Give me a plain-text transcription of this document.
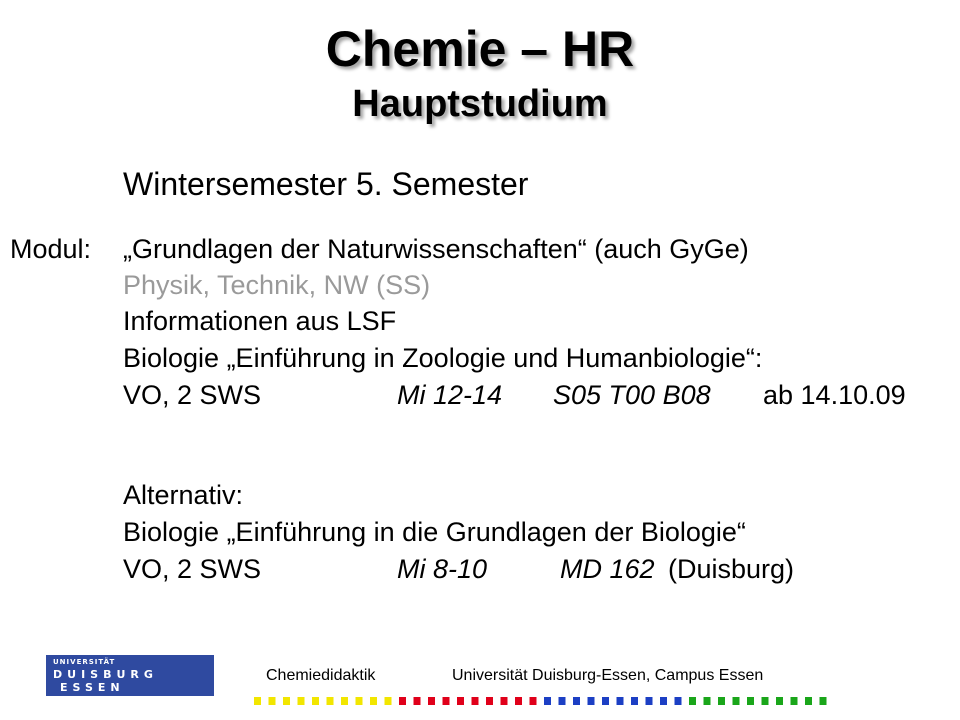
Chemie – HR
Hauptstudium
Wintersemester 5. Semester
Modul: „Grundlagen der Naturwissenschaften“ (auch GyGe)
Physik, Technik, NW (SS)
Informationen aus LSF
Biologie „Einführung in Zoologie und Humanbiologie“:
VO, 2 SWS	Mi 12-14 S05 T00 B08 ab 14.10.09
Alternativ:
Biologie „Einführung in die Grundlagen der Biologie“
VO, 2 SWS	Mi 8-10	MD 162 (Duisburg)
UNIVERSITÄT
DUISBURG
ESSEN
Chemiedidaktik	Universität Duisburg-Essen, Campus Essen
